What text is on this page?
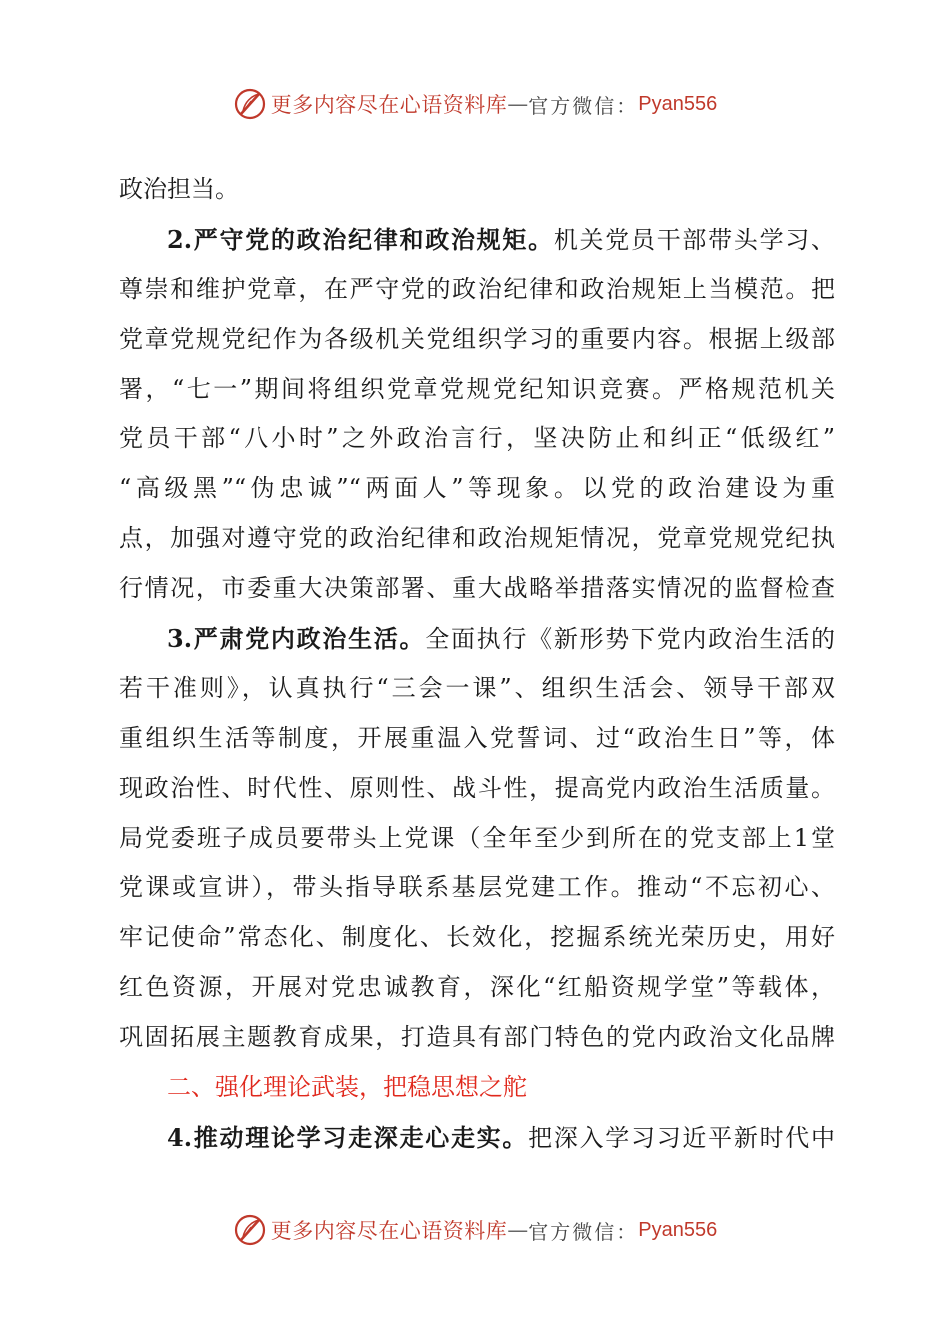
更多内容尽在心语资料库 — 官方微信： Pyan556
政治担当。
2.严守党的政治纪律和政治规矩。机关党员干部带头学习、
尊崇和维护党章，在严守党的政治纪律和政治规矩上当模范。把
党章党规党纪作为各级机关党组织学习的重要内容。根据上级部
署，“七一”期间将组织党章党规党纪知识竞赛。严格规范机关
党员干部“八小时”之外政治言行，坚决防止和纠正“低级红”
“高级黑”“伪忠诚”“两面人”等现象。以党的政治建设为重
点，加强对遵守党的政治纪律和政治规矩情况，党章党规党纪执
行情况，市委重大决策部署、重大战略举措落实情况的监督检查
3.严肃党内政治生活。全面执行《新形势下党内政治生活的
若干准则》，认真执行“三会一课”、组织生活会、领导干部双
重组织生活等制度，开展重温入党誓词、过“政治生日”等，体
现政治性、时代性、原则性、战斗性，提高党内政治生活质量。
局党委班子成员要带头上党课（全年至少到所在的党支部上1堂
党课或宣讲），带头指导联系基层党建工作。推动“不忘初心、
牢记使命”常态化、制度化、长效化，挖掘系统光荣历史，用好
红色资源，开展对党忠诚教育，深化“红船资规学堂”等载体，
巩固拓展主题教育成果，打造具有部门特色的党内政治文化品牌
二、强化理论武装，把稳思想之舵
4.推动理论学习走深走心走实。把深入学习习近平新时代中
更多内容尽在心语资料库 — 官方微信： Pyan556
